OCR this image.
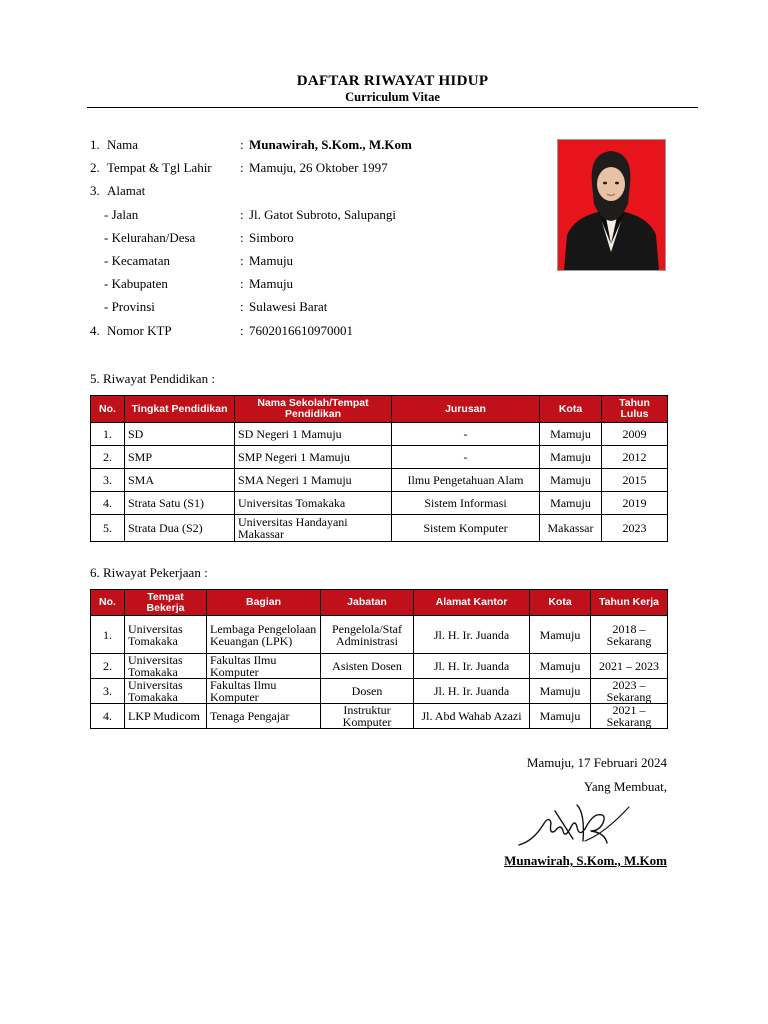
DAFTAR RIWAYAT HIDUP
Curriculum Vitae
1. Nama	: Munawirah, S.Kom., M.Kom
2. Tempat & Tgl Lahir : Mamuju, 26 Oktober 1997
3. Alamat
- Jalan	: Jl. Gatot Subroto, Salupangi
- Kelurahan/Desa	: Simboro
- Kecamatan	: Mamuju
- Kabupaten	: Mamuju
- Provinsi	: Sulawesi Barat
4. Nomor KTP	: 7602016610970001
5. Riwayat Pendidikan :
No.	Tingkat Pendidikan	Nama Sekolah/Tempat Pendidikan	Jurusan	Kota	Tahun Lulus
1.	SD	SD Negeri 1 Mamuju	-	Mamuju	2009
2.	SMP	SMP Negeri 1 Mamuju	-	Mamuju	2012
3.	SMA	SMA Negeri 1 Mamuju	Ilmu Pengetahuan Alam	Mamuju	2015
4.	Strata Satu (S1)	Universitas Tomakaka	Sistem Informasi	Mamuju	2019
5.	Strata Dua (S2)	Universitas Handayani Makassar	Sistem Komputer	Makassar	2023
6. Riwayat Pekerjaan :
No.	Tempat Bekerja	Bagian	Jabatan	Alamat Kantor	Kota	Tahun Kerja
1.	Universitas Tomakaka	Lembaga Pengelolaan Keuangan (LPK)	Pengelola/Staf Administrasi	Jl. H. Ir. Juanda	Mamuju	2018 – Sekarang
2.	Universitas Tomakaka	Fakultas Ilmu Komputer	Asisten Dosen	Jl. H. Ir. Juanda	Mamuju	2021 – 2023
3.	Universitas Tomakaka	Fakultas Ilmu Komputer	Dosen	Jl. H. Ir. Juanda	Mamuju	2023 – Sekarang
4.	LKP Mudicom	Tenaga Pengajar	Instruktur Komputer	Jl. Abd Wahab Azazi	Mamuju	2021 – Sekarang
Mamuju, 17 Februari 2024
Yang Membuat,
Munawirah, S.Kom., M.Kom
